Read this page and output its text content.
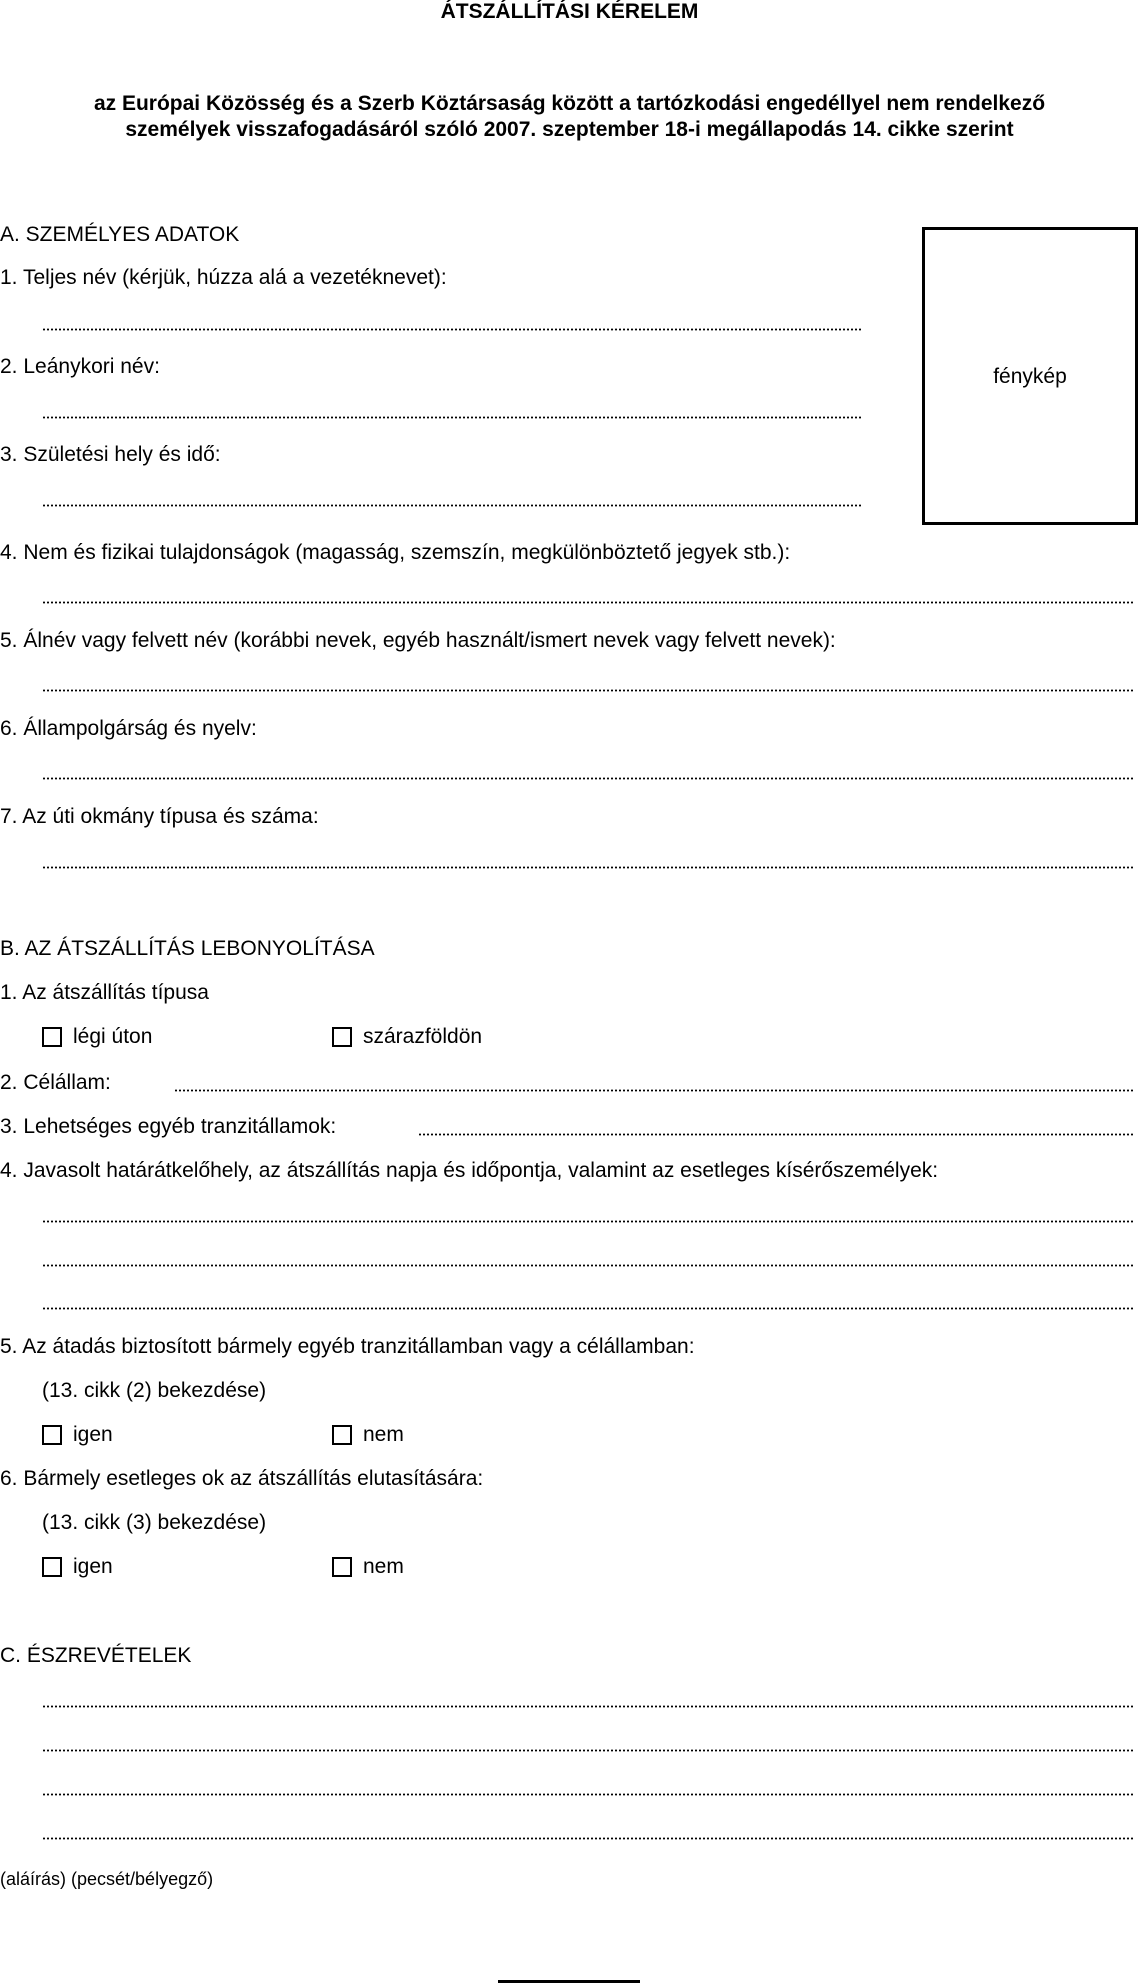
ÁTSZÁLLÍTÁSI KÉRELEM
az Európai Közösség és a Szerb Köztársaság között a tartózkodási engedéllyel nem rendelkező
személyek visszafogadásáról szóló 2007. szeptember 18-i megállapodás 14. cikke szerint
fénykép
A. SZEMÉLYES ADATOK
1. Teljes név (kérjük, húzza alá a vezetéknevet):
2. Leánykori név:
3. Születési hely és idő:
4. Nem és fizikai tulajdonságok (magasság, szemszín, megkülönböztető jegyek stb.):
5. Álnév vagy felvett név (korábbi nevek, egyéb használt/ismert nevek vagy felvett nevek):
6. Állampolgárság és nyelv:
7. Az úti okmány típusa és száma:
B. AZ ÁTSZÁLLÍTÁS LEBONYOLÍTÁSA
1. Az átszállítás típusa
légi úton	szárazföldön
2. Célállam:
3. Lehetséges egyéb tranzitállamok:
4. Javasolt határátkelőhely, az átszállítás napja és időpontja, valamint az esetleges kísérőszemélyek:
5. Az átadás biztosított bármely egyéb tranzitállamban vagy a célállamban:
(13. cikk (2) bekezdése)
igen	nem
6. Bármely esetleges ok az átszállítás elutasítására:
(13. cikk (3) bekezdése)
igen	nem
C. ÉSZREVÉTELEK
(aláírás) (pecsét/bélyegző)
